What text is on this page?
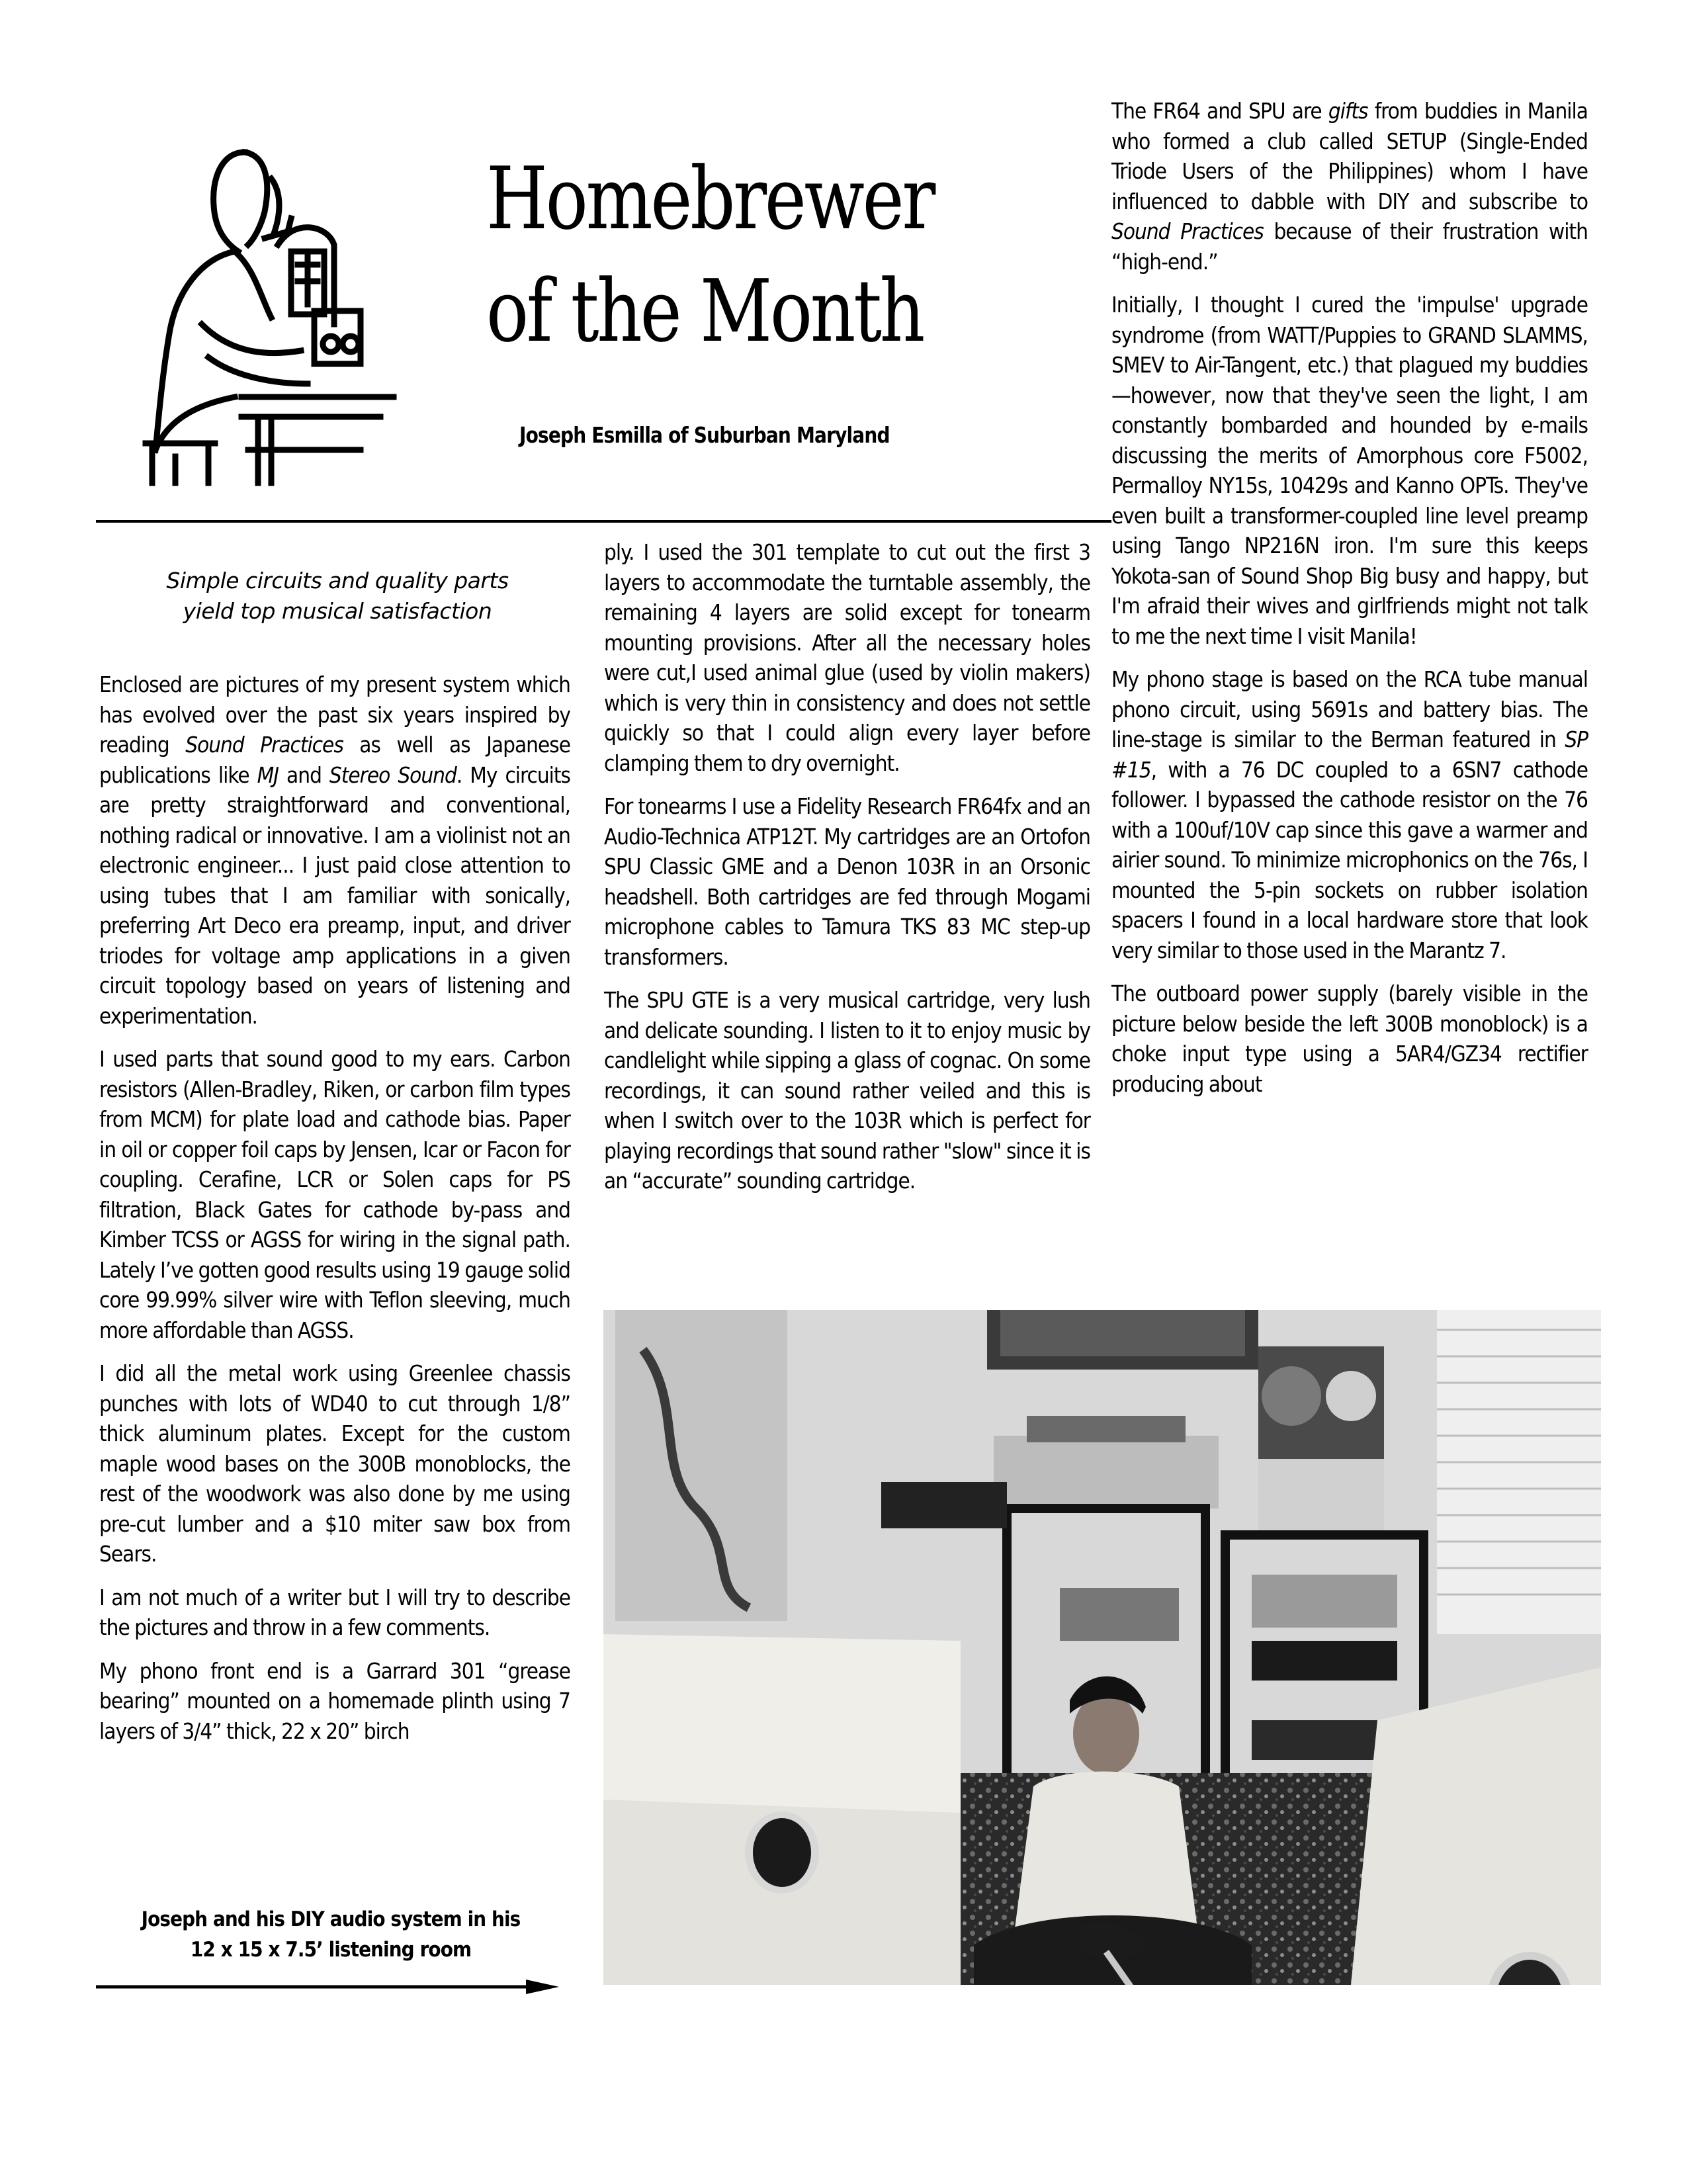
Homebrewer
of the Month
Joseph Esmilla of Suburban Maryland
Simple circuits and quality parts
yield top musical satisfaction

Enclosed are pictures of my present system which has evolved over the past six years inspired by reading Sound Practices as well as Japanese publications like MJ and Stereo Sound. My circuits are pretty straightforward and conventional, nothing radical or innovative. I am a violinist not an electronic engineer... I just paid close attention to using tubes that I am familiar with sonically, preferring Art Deco era preamp, input, and driver triodes for voltage amp applications in a given circuit topology based on years of listening and experimentation.

I used parts that sound good to my ears. Carbon resistors (Allen-Bradley, Riken, or carbon film types from MCM) for plate load and cathode bias. Paper in oil or copper foil caps by Jensen, Icar or Facon for coupling. Cerafine, LCR or Solen caps for PS filtration, Black Gates for cathode by-pass and Kimber TCSS or AGSS for wiring in the signal path. Lately I’ve gotten good results using 19 gauge solid core 99.99% silver wire with Teflon sleeving, much more affordable than AGSS.

I did all the metal work using Greenlee chassis punches with lots of WD40 to cut through 1/8” thick aluminum plates. Except for the custom maple wood bases on the 300B monoblocks, the rest of the woodwork was also done by me using pre-cut lumber and a $10 miter saw box from Sears.

I am not much of a writer but I will try to describe the pictures and throw in a few comments.

My phono front end is a Garrard 301 “grease bearing” mounted on a homemade plinth using 7 layers of 3/4” thick, 22 x 20” birch

ply. I used the 301 template to cut out the first 3 layers to accommodate the turntable assembly, the remaining 4 layers are solid except for tonearm mounting provisions. After all the necessary holes were cut,I used animal glue (used by violin makers) which is very thin in consistency and does not settle quickly so that I could align every layer before clamping them to dry overnight.

For tonearms I use a Fidelity Research FR64fx and an Audio-Technica ATP12T. My cartridges are an Ortofon SPU Classic GME and a Denon 103R in an Orsonic headshell. Both cartridges are fed through Mogami microphone cables to Tamura TKS 83 MC step-up transformers.

The SPU GTE is a very musical cartridge, very lush and delicate sounding. I listen to it to enjoy music by candlelight while sipping a glass of cognac. On some recordings, it can sound rather veiled and this is when I switch over to the 103R which is perfect for playing recordings that sound rather "slow" since it is an “accurate” sounding cartridge.

The FR64 and SPU are gifts from buddies in Manila who formed a club called SETUP (Single-Ended Triode Users of the Philippines) whom I have influenced to dabble with DIY and subscribe to Sound Practices because of their frustration with “high-end.”

Initially, I thought I cured the 'impulse' upgrade syndrome (from WATT/Puppies to GRAND SLAMMS, SMEV to Air-Tangent, etc.) that plagued my buddies—however, now that they've seen the light, I am constantly bombarded and hounded by e-mails discussing the merits of Amorphous core F5002, Permalloy NY15s, 10429s and Kanno OPTs. They've even built a transformer-coupled line level preamp using Tango NP216N iron. I'm sure this keeps Yokota-san of Sound Shop Big busy and happy, but I'm afraid their wives and girlfriends might not talk to me the next time I visit Manila!

My phono stage is based on the RCA tube manual phono circuit, using 5691s and battery bias. The line-stage is similar to the Berman featured in SP #15, with a 76 DC coupled to a 6SN7 cathode follower. I bypassed the cathode resistor on the 76 with a 100uf/10V cap since this gave a warmer and airier sound. To minimize microphonics on the 76s, I mounted the 5-pin sockets on rubber isolation spacers I found in a local hardware store that look very similar to those used in the Marantz 7.

The outboard power supply (barely visible in the picture below beside the left 300B monoblock) is a choke input type using a 5AR4/GZ34 rectifier producing about

Joseph and his DIY audio system in his
12 x 15 x 7.5’ listening room
